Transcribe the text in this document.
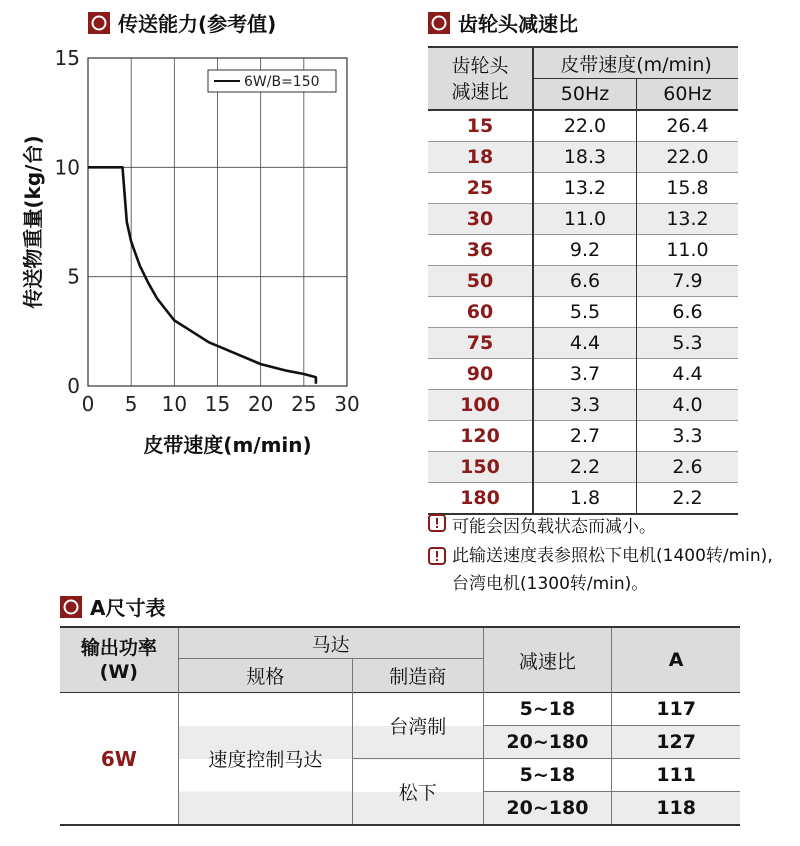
传送能力(参考值)	齿轮头减速比
0 5 10 15 20 25 30
0
5
10
15
6W/B=150
皮带速度(m/min)
传送物重量(kg/台)
齿轮头
减速比	皮带速度(m/min)	
	50Hz	60Hz
15	22.0	26.4
18	18.3	22.0
25	13.2	15.8
30	11.0	13.2
36	9.2	11.0
50	6.6	7.9
60	5.5	6.6
75	4.4	5.3
90	3.7	4.4
100	3.3	4.0
120	2.7	3.3
150	2.2	2.6
180	1.8	2.2
可能会因负载状态而减小。
此输送速度表参照松下电机(1400转/min),
台湾电机(1300转/min)。
A尺寸表
输出功率
(W)	马达		减速比	A
	规格	制造商		
6W	速度控制马达	台湾制	5~18	117
			20~180	127
		松下	5~18	111
			20~180	118
